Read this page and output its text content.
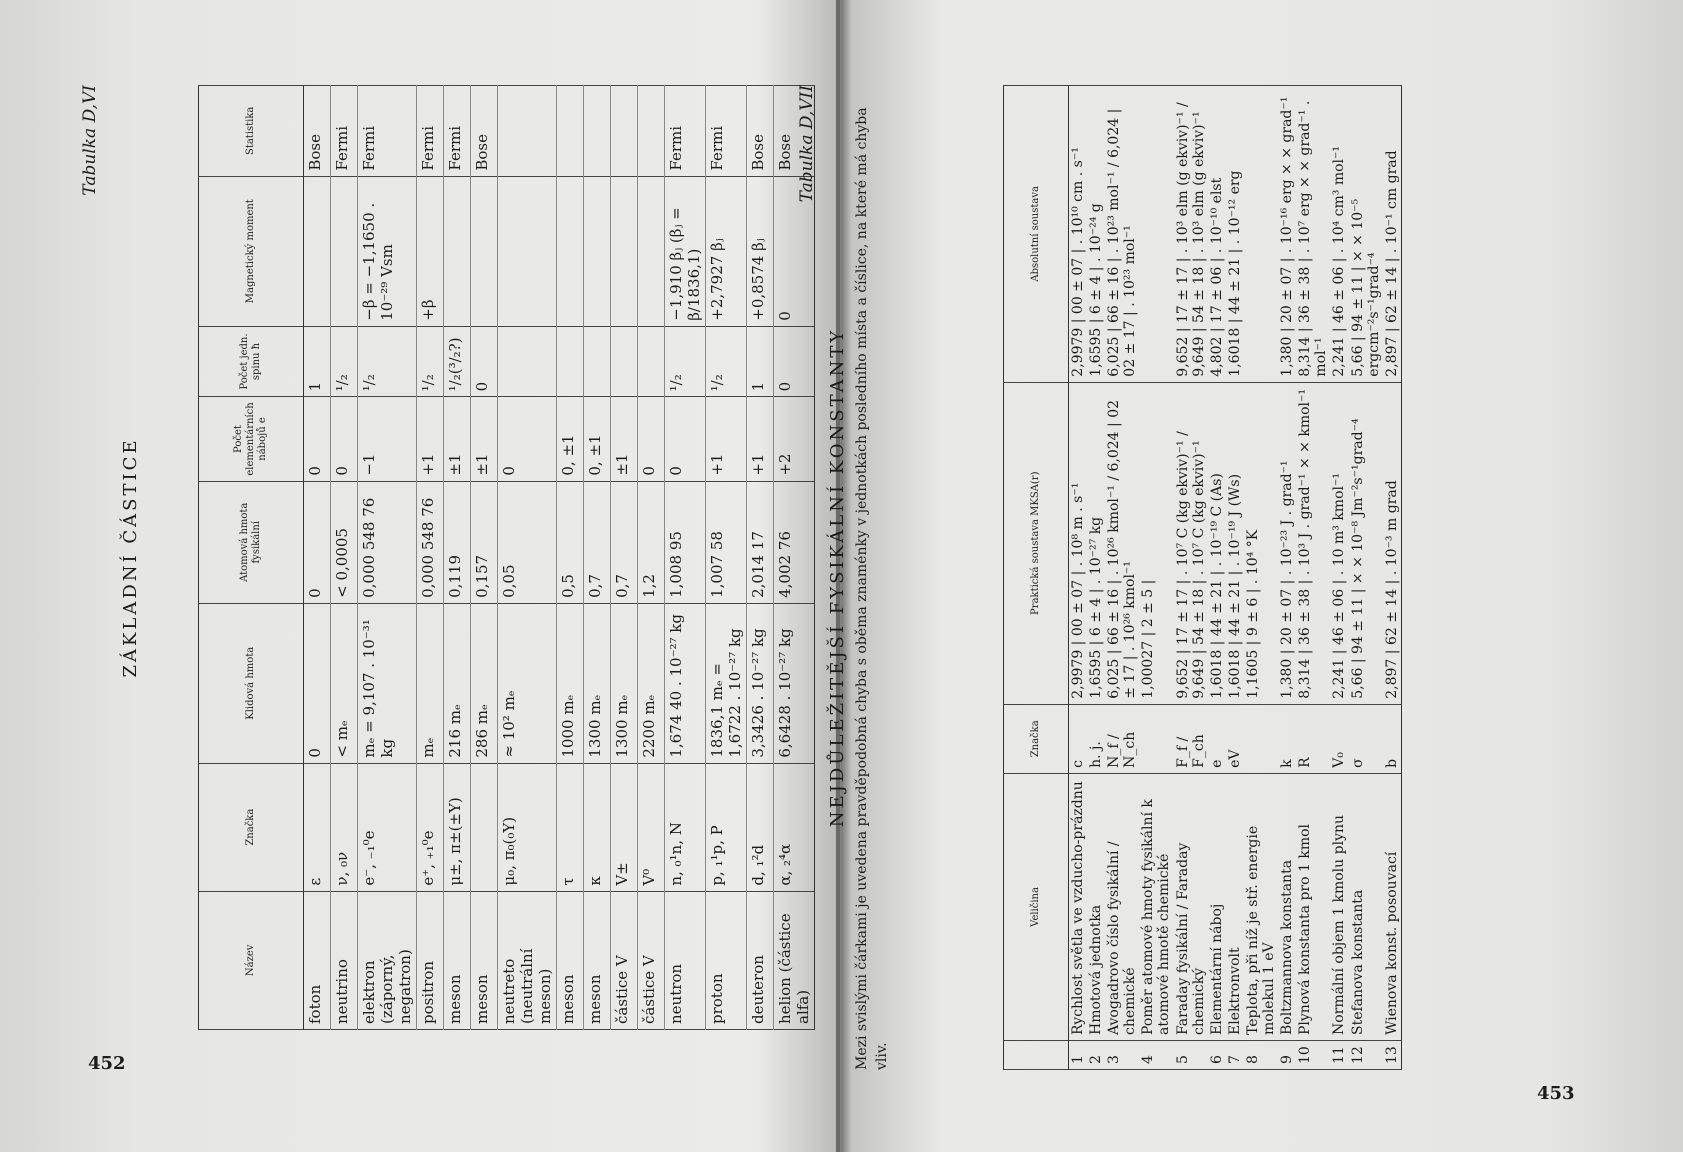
452
453
Tabulka D,VI
ZÁKLADNÍ ČÁSTICE
Název	Značka	Klidová hmota	Atomová hmota fysikální	Počet elementárních nábojů e	Počet jedn. spinu ħ	Magnetický moment	Statistika
foton	ε	0	0	0	1		Bose
neutrino	ν, ₀ν	< mₑ	< 0,0005	0	¹/₂		Fermi
elektron (záporný, negatron)	e⁻, ₋₁⁰e	mₑ = 9,107 . 10⁻³¹ kg	0,000 548 76	−1	¹/₂	−β = −1,1650 . 10⁻²⁹ Vsm	Fermi
positron	e⁺, ₊₁⁰e	mₑ	0,000 548 76	+1	¹/₂	+β	Fermi
meson	μ±, π±(±Y)	216 mₑ	0,119	±1	¹/₂(³/₂?)		Fermi
meson		286 mₑ	0,157	±1	0		Bose
neutreto (neutrální meson)	μ₀, π₀(₀Y)	≈ 10² mₑ	0,05	0			
meson	τ	1000 mₑ	0,5	0, ±1			
meson	κ	1300 mₑ	0,7	0, ±1			
částice V	V±	1300 mₑ	0,7	±1			
částice V	V⁰	2200 mₑ	1,2	0			
neutron	n, ₀¹n, N	1,674 40 . 10⁻²⁷ kg	1,008 95	0	¹/₂	−1,910 βⱼ (βⱼ = β/1836,1)	Fermi
proton	p, ₁¹p, P	1836,1 mₑ = 1,6722 . 10⁻²⁷ kg	1,007 58	+1	¹/₂	+2,7927 βⱼ	Fermi
deuteron	d, ₁²d	3,3426 . 10⁻²⁷ kg	2,014 17	+1	1	+0,8574 βⱼ	Bose
helion (částice alfa)	α, ₂⁴α	6,6428 . 10⁻²⁷ kg	4,002 76	+2	0	0	Bose Tabulka D,VII
NEJDŮLEŽITĚJŠÍ FYSIKÁLNÍ KONSTANTY Mezi svislými čárkami je uvedena pravděpodobná chyba s oběma znaménky v jednotkách posledního místa a číslice, na které má chyba vliv.
	Veličina	Značka	Praktická soustava MKSA(r)	Absolutní soustava
1	Rychlost světla ve vzducho-prázdnu	c	2,9979 | 00 ± 07 | . 10⁸ m . s⁻¹	2,9979 | 00 ± 07 | . 10¹⁰ cm . s⁻¹
2	Hmotová jednotka	h. j.	1,6595 | 6 ± 4 | . 10⁻²⁷ kg	1,6595 | 6 ± 4 | . 10⁻²⁴ g
3	Avogadrovo číslo fysikální / chemické	N_f / N_ch	6,025 | 66 ± 16 | . 10²⁶ kmol⁻¹ / 6,024 | 02 ± 17 | . 10²⁶ kmol⁻¹	6,025 | 66 ± 16 | . 10²³ mol⁻¹ / 6,024 | 02 ± 17 | . 10²³ mol⁻¹
4	Poměr atomové hmoty fysikální k atomové hmotě chemické		1,00027 | 2 ± 5 |	
5	Faraday fysikální / Faraday chemický	F_f / F_ch	9,652 | 17 ± 17 | . 10⁷ C (kg ekviv)⁻¹ / 9,649 | 54 ± 18 | . 10⁷ C (kg ekviv)⁻¹	9,652 | 17 ± 17 | . 10³ elm (g ekviv)⁻¹ / 9,649 | 54 ± 18 | . 10³ elm (g ekviv)⁻¹
6	Elementární náboj	e	1,6018 | 44 ± 21 | . 10⁻¹⁹ C (As)	4,802 | 17 ± 06 | . 10⁻¹⁰ elst
7	Elektronvolt	eV	1,6018 | 44 ± 21 | . 10⁻¹⁹ J (Ws)	1,6018 | 44 ± 21 | . 10⁻¹² erg
8	Teplota, při níž je stř. energie molekul 1 eV		1,1605 | 9 ± 6 | . 10⁴ °K	
9	Boltzmannova konstanta	k	1,380 | 20 ± 07 | . 10⁻²³ J . grad⁻¹	1,380 | 20 ± 07 | . 10⁻¹⁶ erg × × grad⁻¹
10	Plynová konstanta pro 1 kmol	R	8,314 | 36 ± 38 | . 10³ J . grad⁻¹ × × kmol⁻¹	8,314 | 36 ± 38 | . 10⁷ erg × × grad⁻¹ . mol⁻¹
11	Normální objem 1 kmolu plynu	V₀	2,241 | 46 ± 06 | . 10 m³ kmol⁻¹	2,241 | 46 ± 06 | . 10⁴ cm³ mol⁻¹
12	Stefanova konstanta	σ	5,66 | 94 ± 11 | × × 10⁻⁸ Jm⁻²s⁻¹grad⁻⁴	5,66 | 94 ± 11 | × × 10⁻⁵ ergcm⁻²s⁻¹grad⁻⁴
13	Wienova konst. posouvací	b	2,897 | 62 ± 14 | . 10⁻³ m grad	2,897 | 62 ± 14 | . 10⁻¹ cm grad
